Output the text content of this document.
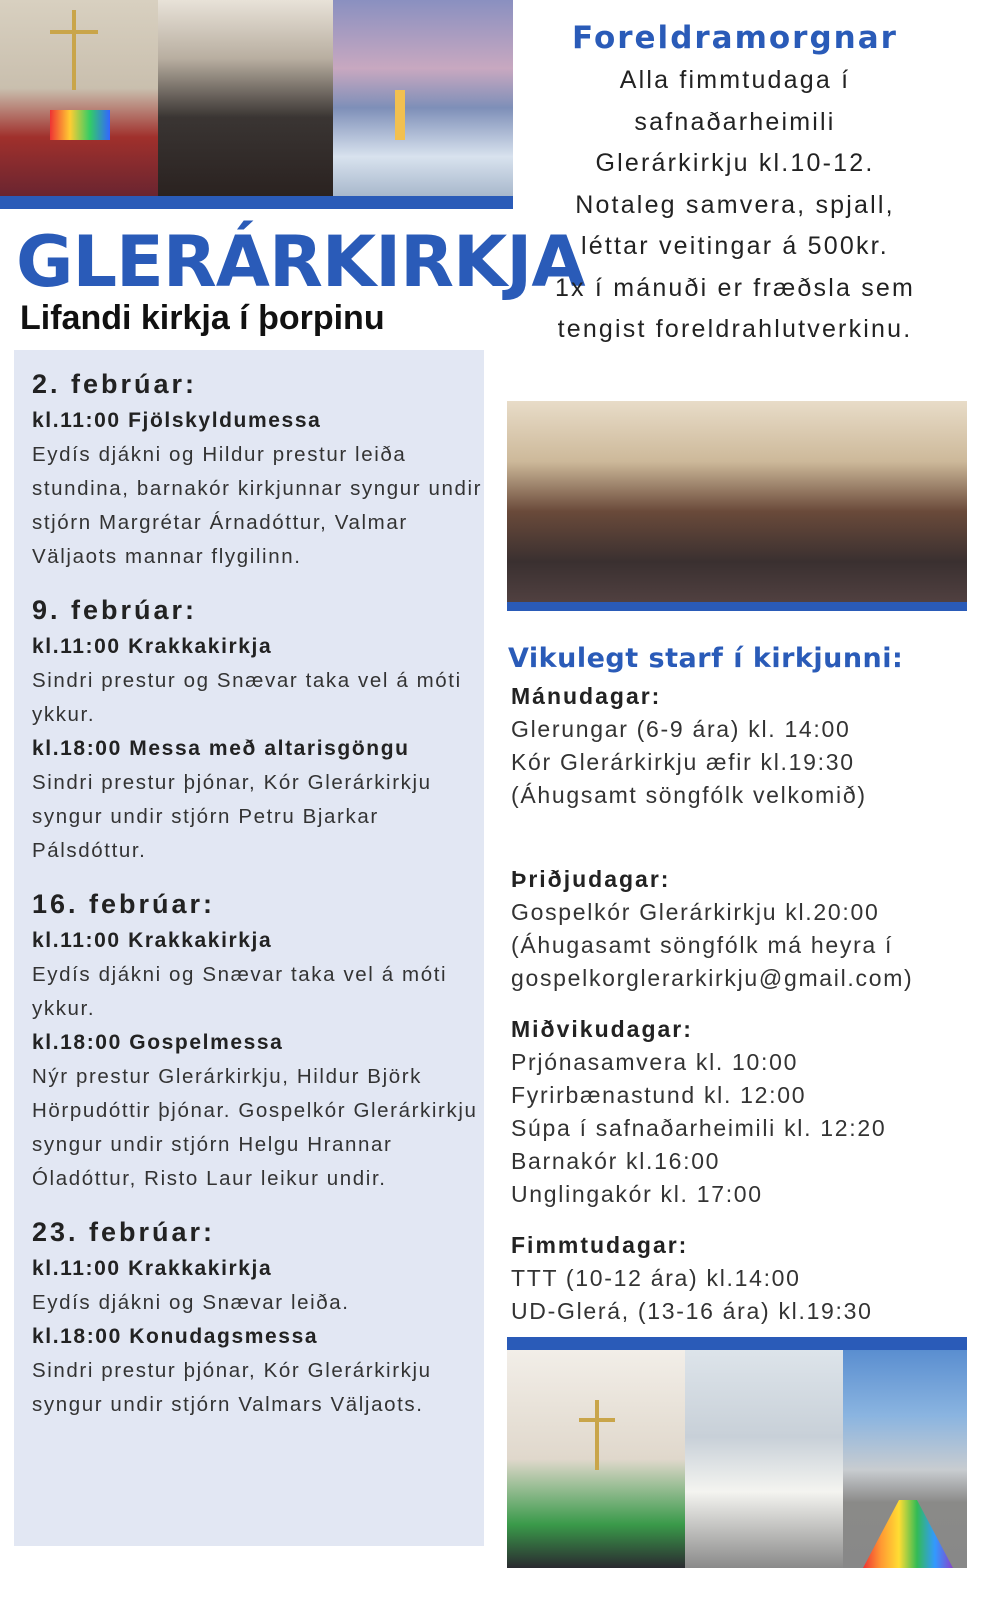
GLERÁRKIRKJA
Lifandi kirkja í þorpinu
2. febrúar:
kl.11:00 Fjölskyldumessa
Eydís djákni og Hildur prestur leiða stundina, barnakór kirkjunnar syngur undir stjórn Margrétar Árnadóttur, Valmar Väljaots mannar flygilinn.
9. febrúar:
kl.11:00 Krakkakirkja
Sindri prestur og Snævar taka vel á móti ykkur.
kl.18:00 Messa með altarisgöngu
Sindri prestur þjónar, Kór Glerárkirkju syngur undir stjórn Petru Bjarkar Pálsdóttur.
16. febrúar:
kl.11:00 Krakkakirkja
Eydís djákni og Snævar taka vel á móti ykkur.
kl.18:00 Gospelmessa
Nýr prestur Glerárkirkju, Hildur Björk Hörpudóttir þjónar. Gospelkór Glerárkirkju syngur undir stjórn Helgu Hrannar Óladóttur, Risto Laur leikur undir.
23. febrúar:
kl.11:00 Krakkakirkja
Eydís djákni og Snævar leiða.
kl.18:00 Konudagsmessa
Sindri prestur þjónar, Kór Glerárkirkju syngur undir stjórn Valmars Väljaots.
Foreldramorgnar

Alla fimmtudaga í

safnaðarheimili

Glerárkirkju kl.10-12.

Notaleg samvera, spjall,

léttar veitingar á 500kr.

1x í mánuði er fræðsla sem

tengist foreldrahlutverkinu.

Vikulegt starf í kirkjunni:
Mánudagar:
Glerungar (6-9 ára) kl. 14:00
Kór Glerárkirkju æfir kl.19:30
(Áhugsamt söngfólk velkomið)
Þriðjudagar:
Gospelkór Glerárkirkju kl.20:00
(Áhugasamt söngfólk má heyra í
gospelkorglerarkirkju@gmail.com)
Miðvikudagar:
Prjónasamvera kl. 10:00
Fyrirbænastund kl. 12:00
Súpa í safnaðarheimili kl. 12:20
Barnakór kl.16:00
Unglingakór kl. 17:00
Fimmtudagar:
TTT (10-12 ára) kl.14:00
UD-Glerá, (13-16 ára) kl.19:30
